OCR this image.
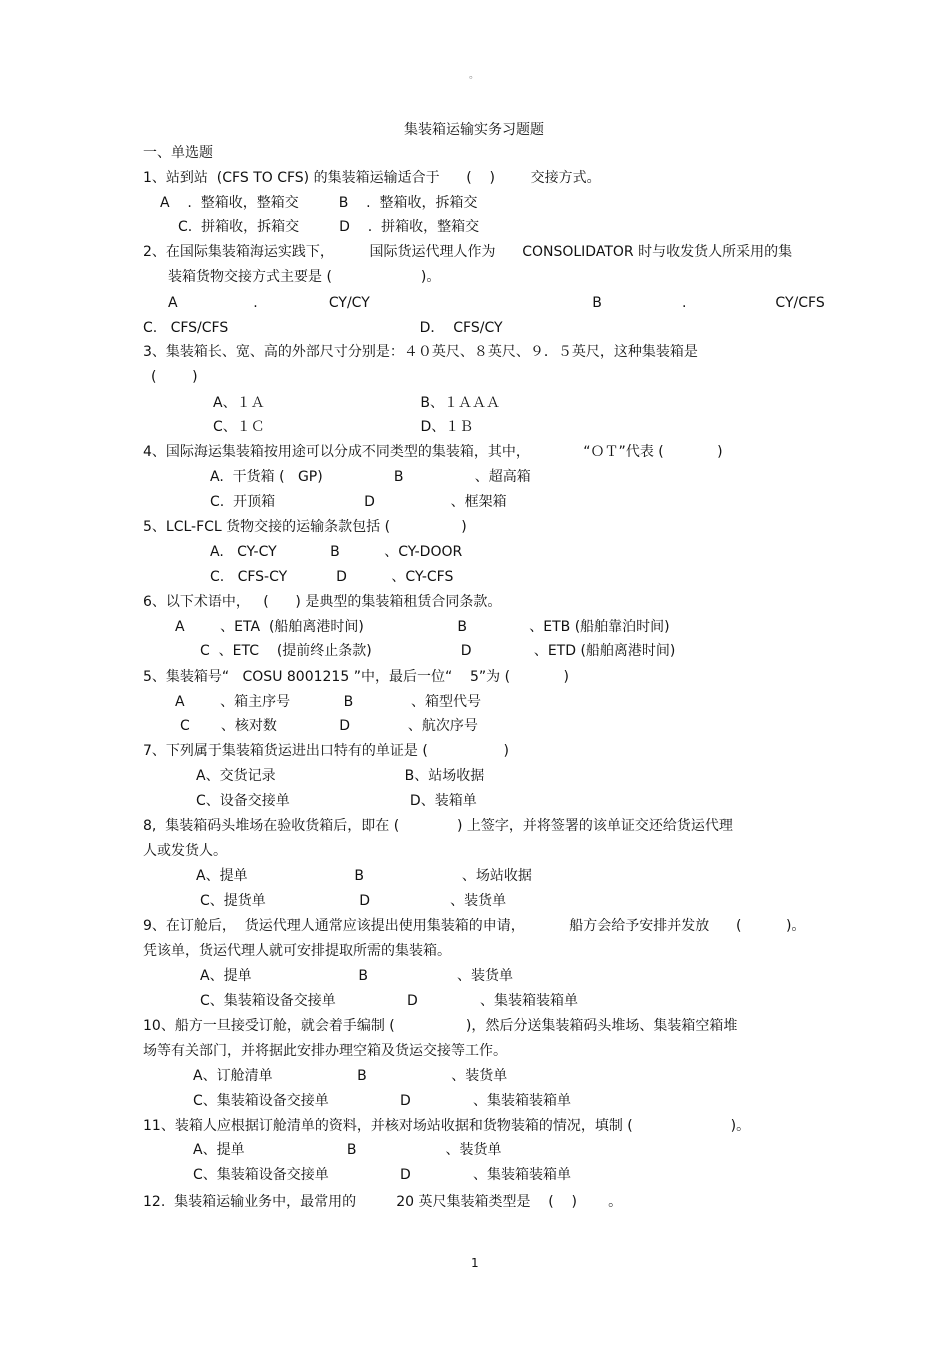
。
集装箱运输实务习题题
一、单选题
1、站到站  (CFS TO CFS) 的集装箱运输适合于      (    )        交接方式。
A    .  整箱收，整箱交         B    .  整箱收，拆箱交
C.  拼箱收，拆箱交         D    .  拼箱收，整箱交
2、在国际集装箱海运实践下，        国际货运代理人作为      CONSOLIDATOR 时与收发货人所采用的集
装箱货物交接方式主要是 (                    )。
A                 .                CY/CY                                                  B                  .                    CY/CFS
C.   CFS/CFS                                           D．  CFS/CY
3、集装箱长、宽、高的外部尺寸分别是：４０英尺、８英尺、９．５英尺，这种集装箱是
(        )
A、１Ａ                                   B、１ＡＡＡ
C、１Ｃ                                   D、１Ｂ
4、国际海运集装箱按用途可以分成不同类型的集装箱，其中，            “ＯＴ”代表 (            )
A.  干货箱 (   GP)                B                、超高箱
C.  开顶箱                    D                 、框架箱
5、LCL-FCL 货物交接的运输条款包括 (                )
A.   CY-CY            B          、CY-DOOR
C.   CFS-CY           D          、CY-CFS
6、以下术语中，   (      ) 是典型的集装箱租赁合同条款。
A        、ETA  (船舶离港时间)                     B              、ETB (船舶靠泊时间)
C  、ETC    (提前终止条款)                    D              、ETD (船舶离港时间)
5、集装箱号“   COSU 8001215 ”中，最后一位“    5”为 (            )
A        、箱主序号            B             、箱型代号
C       、核对数              D             、航次序号
7、下列属于集装箱货运进出口特有的单证是 (                 )
A、交货记录                             B、站场收据
C、设备交接单                           D、装箱单
8,  集装箱码头堆场在验收货箱后，即在 (             ) 上签字，并将签署的该单证交还给货运代理
人或发货人。
A、提单                        B                      、场站收据
C、提货单                     D                  、装货单
9、在订舱后，  货运代理人通常应该提出使用集装箱的申请，          船方会给予安排并发放      (          )。
凭该单，货运代理人就可安排提取所需的集装箱。
A、提单                        B                    、装货单
C、集装箱设备交接单                D              、集装箱装箱单
10、船方一旦接受订舱，就会着手编制 (                )，然后分送集装箱码头堆场、集装箱空箱堆
场等有关部门，并将据此安排办理空箱及货运交接等工作。
A、订舱清单                   B                   、装货单
C、集装箱设备交接单                D              、集装箱装箱单
11、装箱人应根据订舱清单的资料，并核对场站收据和货物装箱的情况，填制 (                      )。
A、提单                       B                    、装货单
C、集装箱设备交接单                D              、集装箱装箱单
12.  集装箱运输业务中，最常用的         20 英尺集装箱类型是    (    )       。
1
